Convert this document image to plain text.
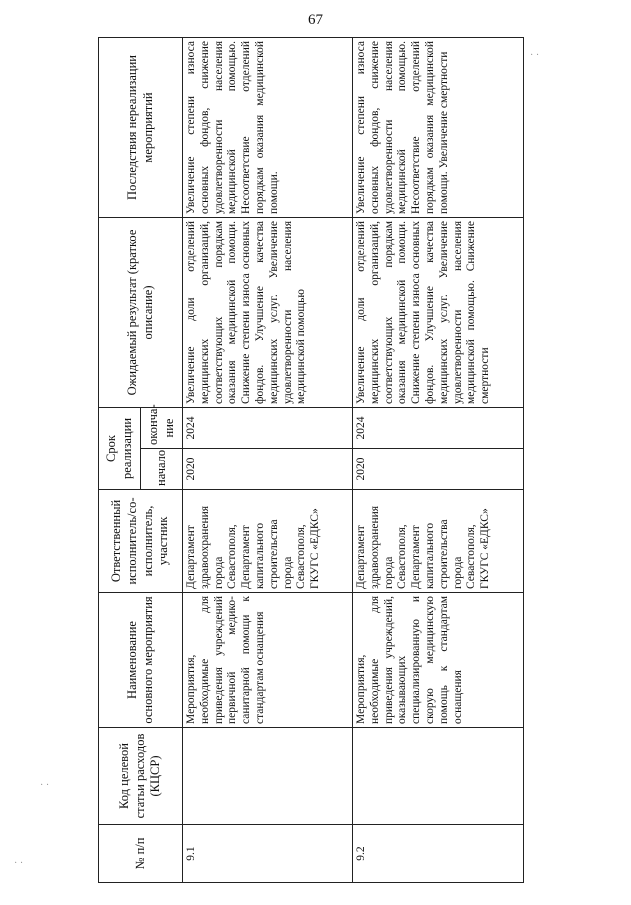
67
№ п/п	Код целевой статьи расходов (КЦСР)	Наименование основного мероприятия	Ответственный исполнитель/со-исполнитель, участник	Срок реализации		Ожидаемый результат (краткое описание)	Последствия нереализации мероприятий
				начало	оконча-ние		
9.1		Мероприятия, необходимые для приведения учреждений первичной медико-санитарной помощи к стандартам оснащения	Департамент здравоохранения города Севастополя, Департамент капитального строительства города Севастополя, ГКУГС «ЕДКС»	2020	2024	Увеличение доли отделений медицинских организаций, соответствующих порядкам оказания медицинской помощи. Снижение степени износа основных фондов. Улучшение качества медицинских услуг. Увеличение удовлетворенности населения медицинской помощью	Увеличение степени износа основных фондов, снижение удовлетворенности населения медицинской помощью. Несоответствие отделений порядкам оказания медицинской помощи.
9.2		Мероприятия, необходимые для приведения учреждений, оказывающих специализированную и скорую медицинскую помощь к стандартам оснащения	Департамент здравоохранения города Севастополя, Департамент капитального строительства города Севастополя, ГКУГС «ЕДКС»	2020	2024	Увеличение доли отделений медицинских организаций, соответствующих порядкам оказания медицинской помощи. Снижение степени износа основных фондов. Улучшение качества медицинских услуг. Увеличение удовлетворенности населения медицинской помощью. Снижение смертности	Увеличение степени износа основных фондов, снижение удовлетворенности населения медицинской помощью. Несоответствие отделений порядкам оказания медицинской помощи. Увеличение смертности
· ·
· ·
· ·
